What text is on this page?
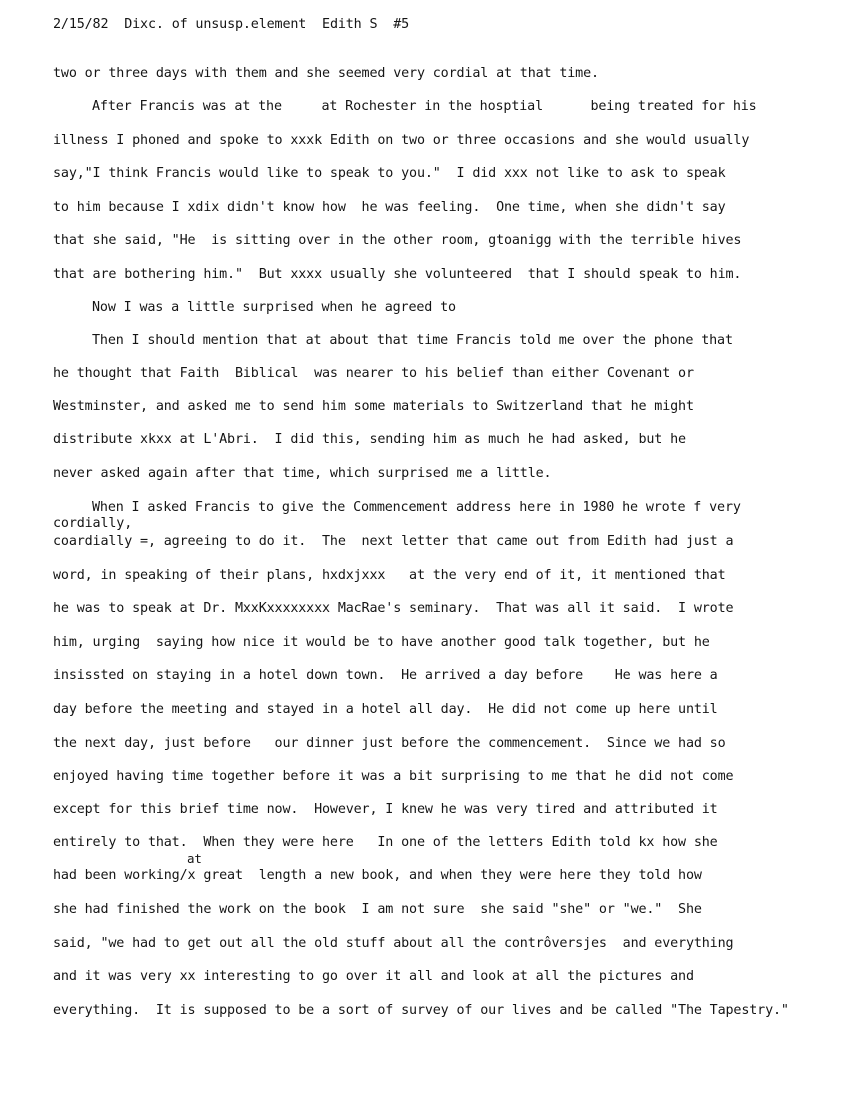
2/15/82 Dixc. of unsusp.element Edith S #5
two or three days with them and she seemed very cordial at that time.
After Francis was at the     at Rochester in the hosptial      being treated for his
illness I phoned and spoke to xxxk Edith on two or three occasions and she would usually
say,"I think Francis would like to speak to you."  I did xxx not like to ask to speak
to him because I xdix didn't know how  he was feeling.  One time, when she didn't say
that she said, "He  is sitting over in the other room, gtoanigg with the terrible hives
that are bothering him."  But xxxx usually she volunteered  that I should speak to him.
Now I was a little surprised when he agreed to
Then I should mention that at about that time Francis told me over the phone that
he thought that Faith  Biblical  was nearer to his belief than either Covenant or
Westminster, and asked me to send him some materials to Switzerland that he might
distribute xkxx at L'Abri.  I did this, sending him as much he had asked, but he
never asked again after that time, which surprised me a little.
When I asked Francis to give the Commencement address here in 1980 he wrote f very
cordially,
coardially =, agreeing to do it.  The  next letter that came out from Edith had just a
word, in speaking of their plans, hxdxjxxx   at the very end of it, it mentioned that
he was to speak at Dr. MxxKxxxxxxxx MacRae's seminary.  That was all it said.  I wrote
him, urging  saying how nice it would be to have another good talk together, but he
insissted on staying in a hotel down town.  He arrived a day before    He was here a
day before the meeting and stayed in a hotel all day.  He did not come up here until
the next day, just before   our dinner just before the commencement.  Since we had so
enjoyed having time together before it was a bit surprising to me that he did not come
except for this brief time now.  However, I knew he was very tired and attributed it
entirely to that.  When they were here   In one of the letters Edith told kx how she
at
had been working/x great  length a new book, and when they were here they told how
she had finished the work on the book  I am not sure  she said "she" or "we."  She
said, "we had to get out all the old stuff about all the contrôversjes  and everything
and it was very xx interesting to go over it all and look at all the pictures and
everything.  It is supposed to be a sort of survey of our lives and be called "The Tapestry."
